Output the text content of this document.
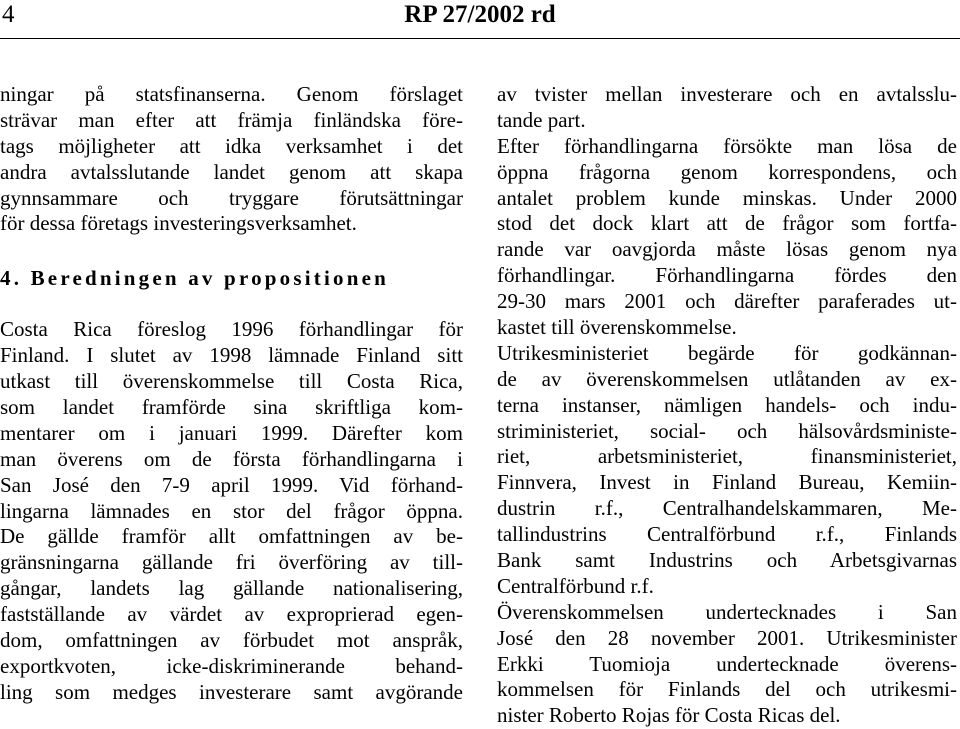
4	RP 27/2002 rd
ningar på statsfinanserna. Genom förslaget
strävar man efter att främja finländska före-
tags möjligheter att idka verksamhet i det
andra avtalsslutande landet genom att skapa
gynnsammare och tryggare förutsättningar
för dessa företags investeringsverksamhet.
4. Beredningen av propositionen
Costa Rica föreslog 1996 förhandlingar för
Finland. I slutet av 1998 lämnade Finland sitt
utkast till överenskommelse till Costa Rica,
som landet framförde sina skriftliga kom-
mentarer om i januari 1999. Därefter kom
man överens om de första förhandlingarna i
San José den 7-9 april 1999. Vid förhand-
lingarna lämnades en stor del frågor öppna.
De gällde framför allt omfattningen av be-
gränsningarna gällande fri överföring av till-
gångar, landets lag gällande nationalisering,
fastställande av värdet av exproprierad egen-
dom, omfattningen av förbudet mot anspråk,
exportkvoten, icke-diskriminerande behand-
ling som medges investerare samt avgörande
av tvister mellan investerare och en avtalsslu-
tande part.
Efter förhandlingarna försökte man lösa de
öppna frågorna genom korrespondens, och
antalet problem kunde minskas. Under 2000
stod det dock klart att de frågor som fortfa-
rande var oavgjorda måste lösas genom nya
förhandlingar. Förhandlingarna fördes den
29-30 mars 2001 och därefter paraferades ut-
kastet till överenskommelse.
Utrikesministeriet begärde för godkännan-
de av överenskommelsen utlåtanden av ex-
terna instanser, nämligen handels- och indu-
striministeriet, social- och hälsovårdsministe-
riet, arbetsministeriet, finansministeriet,
Finnvera, Invest in Finland Bureau, Kemiin-
dustrin r.f., Centralhandelskammaren, Me-
tallindustrins Centralförbund r.f., Finlands
Bank samt Industrins och Arbetsgivarnas
Centralförbund r.f.
Överenskommelsen undertecknades i San
José den 28 november 2001. Utrikesminister
Erkki Tuomioja undertecknade överens-
kommelsen för Finlands del och utrikesmi-
nister Roberto Rojas för Costa Ricas del.
